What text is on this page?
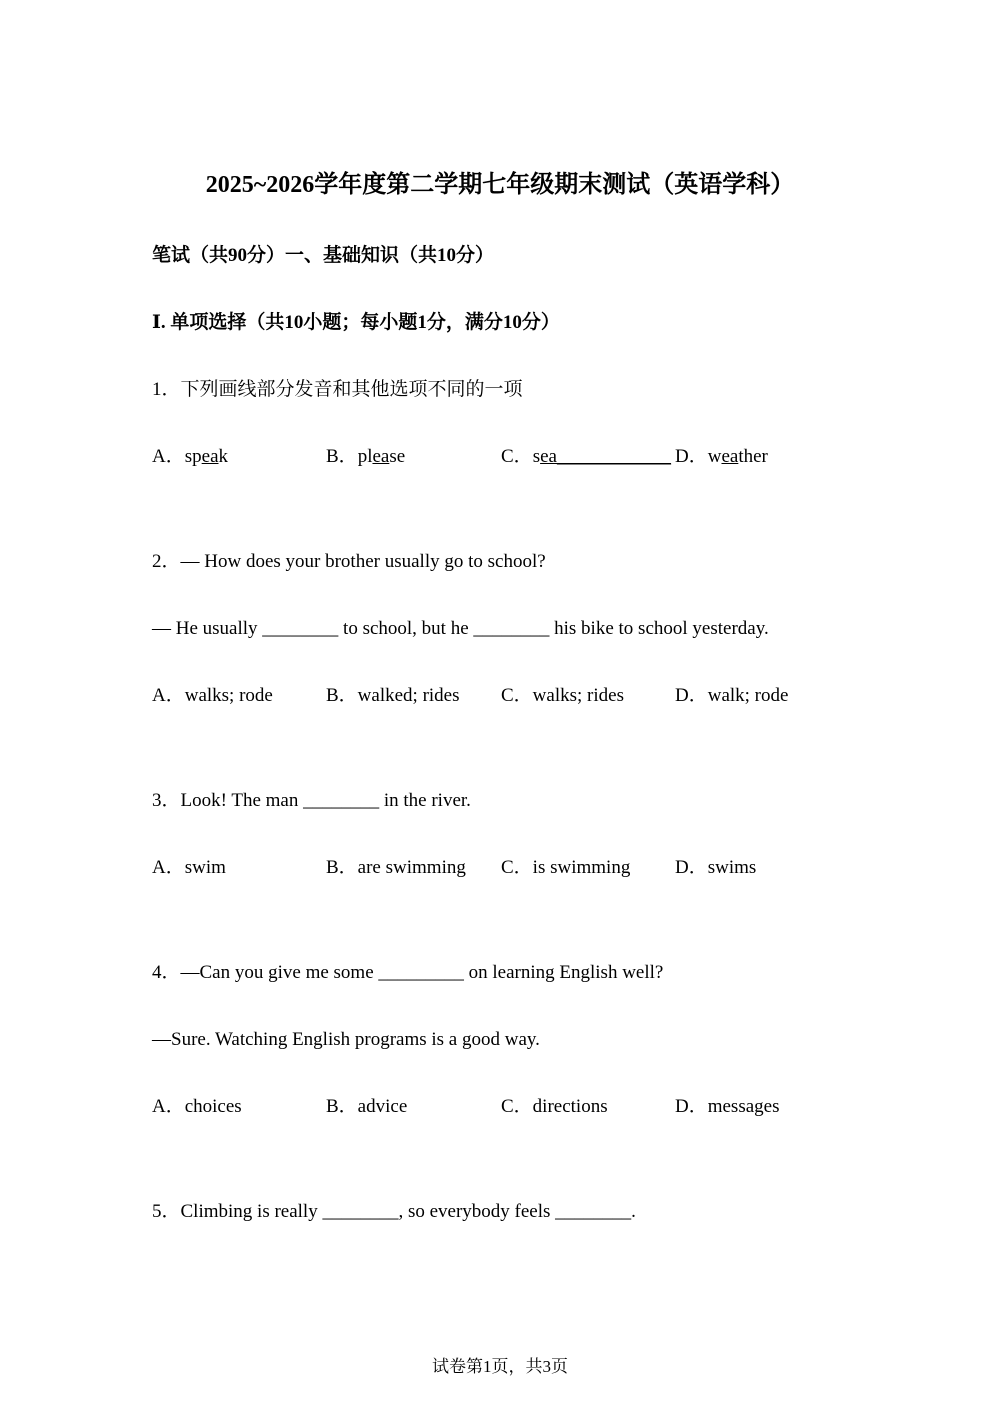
2025~2026学年度第二学期七年级期末测试（英语学科）
笔试（共90分）一、基础知识（共10分）
Ⅰ. 单项选择（共10小题；每小题1分，满分10分）
1．下列画线部分发音和其他选项不同的一项
A．speak	B．please	C．sea____________ D．weather
2．— How does your brother usually go to school?
— He usually ________ to school, but he ________ his bike to school yesterday.
A．walks; rode	B．walked; rides C．walks; rides	D．walk; rode
3．Look! The man ________ in the river.
A．swim	B．are swimming C．is swimming D．swims
4．—Can you give me some _________ on learning English well?
—Sure. Watching English programs is a good way.
A．choices	B．advice	C．directions	D．messages
5．Climbing is really ________, so everybody feels ________.
试卷第1页，共3页
